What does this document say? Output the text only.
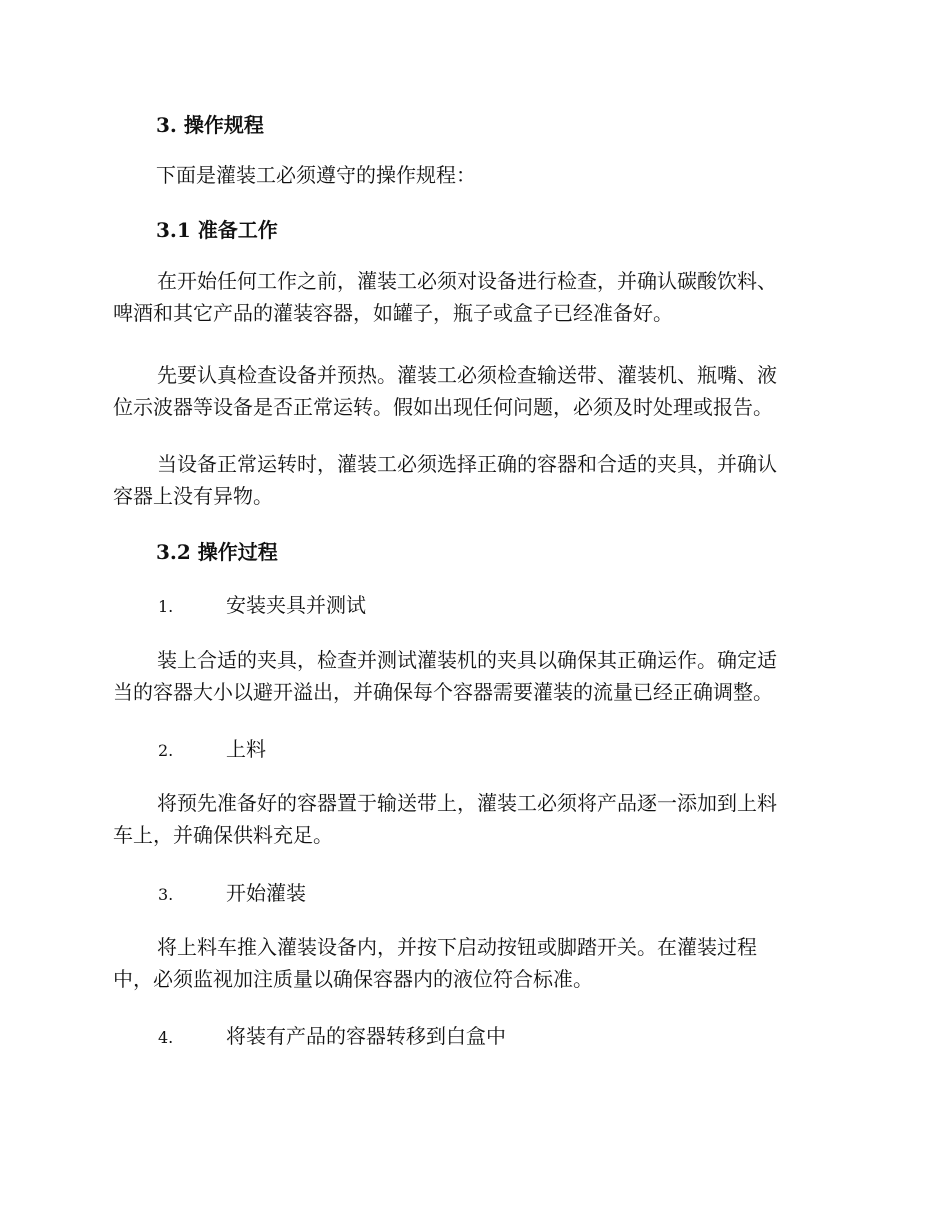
3. 操作规程

下面是灌装工必须遵守的操作规程：

3.1 准备工作
在开始任何工作之前，灌装工必须对设备进行检查，并确认碳酸饮料、
啤酒和其它产品的灌装容器，如罐子，瓶子或盒子已经准备好。
先要认真检查设备并预热。灌装工必须检查输送带、灌装机、瓶嘴、液
位示波器等设备是否正常运转。假如出现任何问题，必须及时处理或报告。
当设备正常运转时，灌装工必须选择正确的容器和合适的夹具，并确认
容器上没有异物。
3.2 操作过程
1.	安装夹具并测试
装上合适的夹具，检查并测试灌装机的夹具以确保其正确运作。确定适
当的容器大小以避开溢出，并确保每个容器需要灌装的流量已经正确调整。
2.	上料
将预先准备好的容器置于输送带上，灌装工必须将产品逐一添加到上料
车上，并确保供料充足。
3.	开始灌装
将上料车推入灌装设备内，并按下启动按钮或脚踏开关。在灌装过程
中，必须监视加注质量以确保容器内的液位符合标准。
4.	将装有产品的容器转移到白盒中
